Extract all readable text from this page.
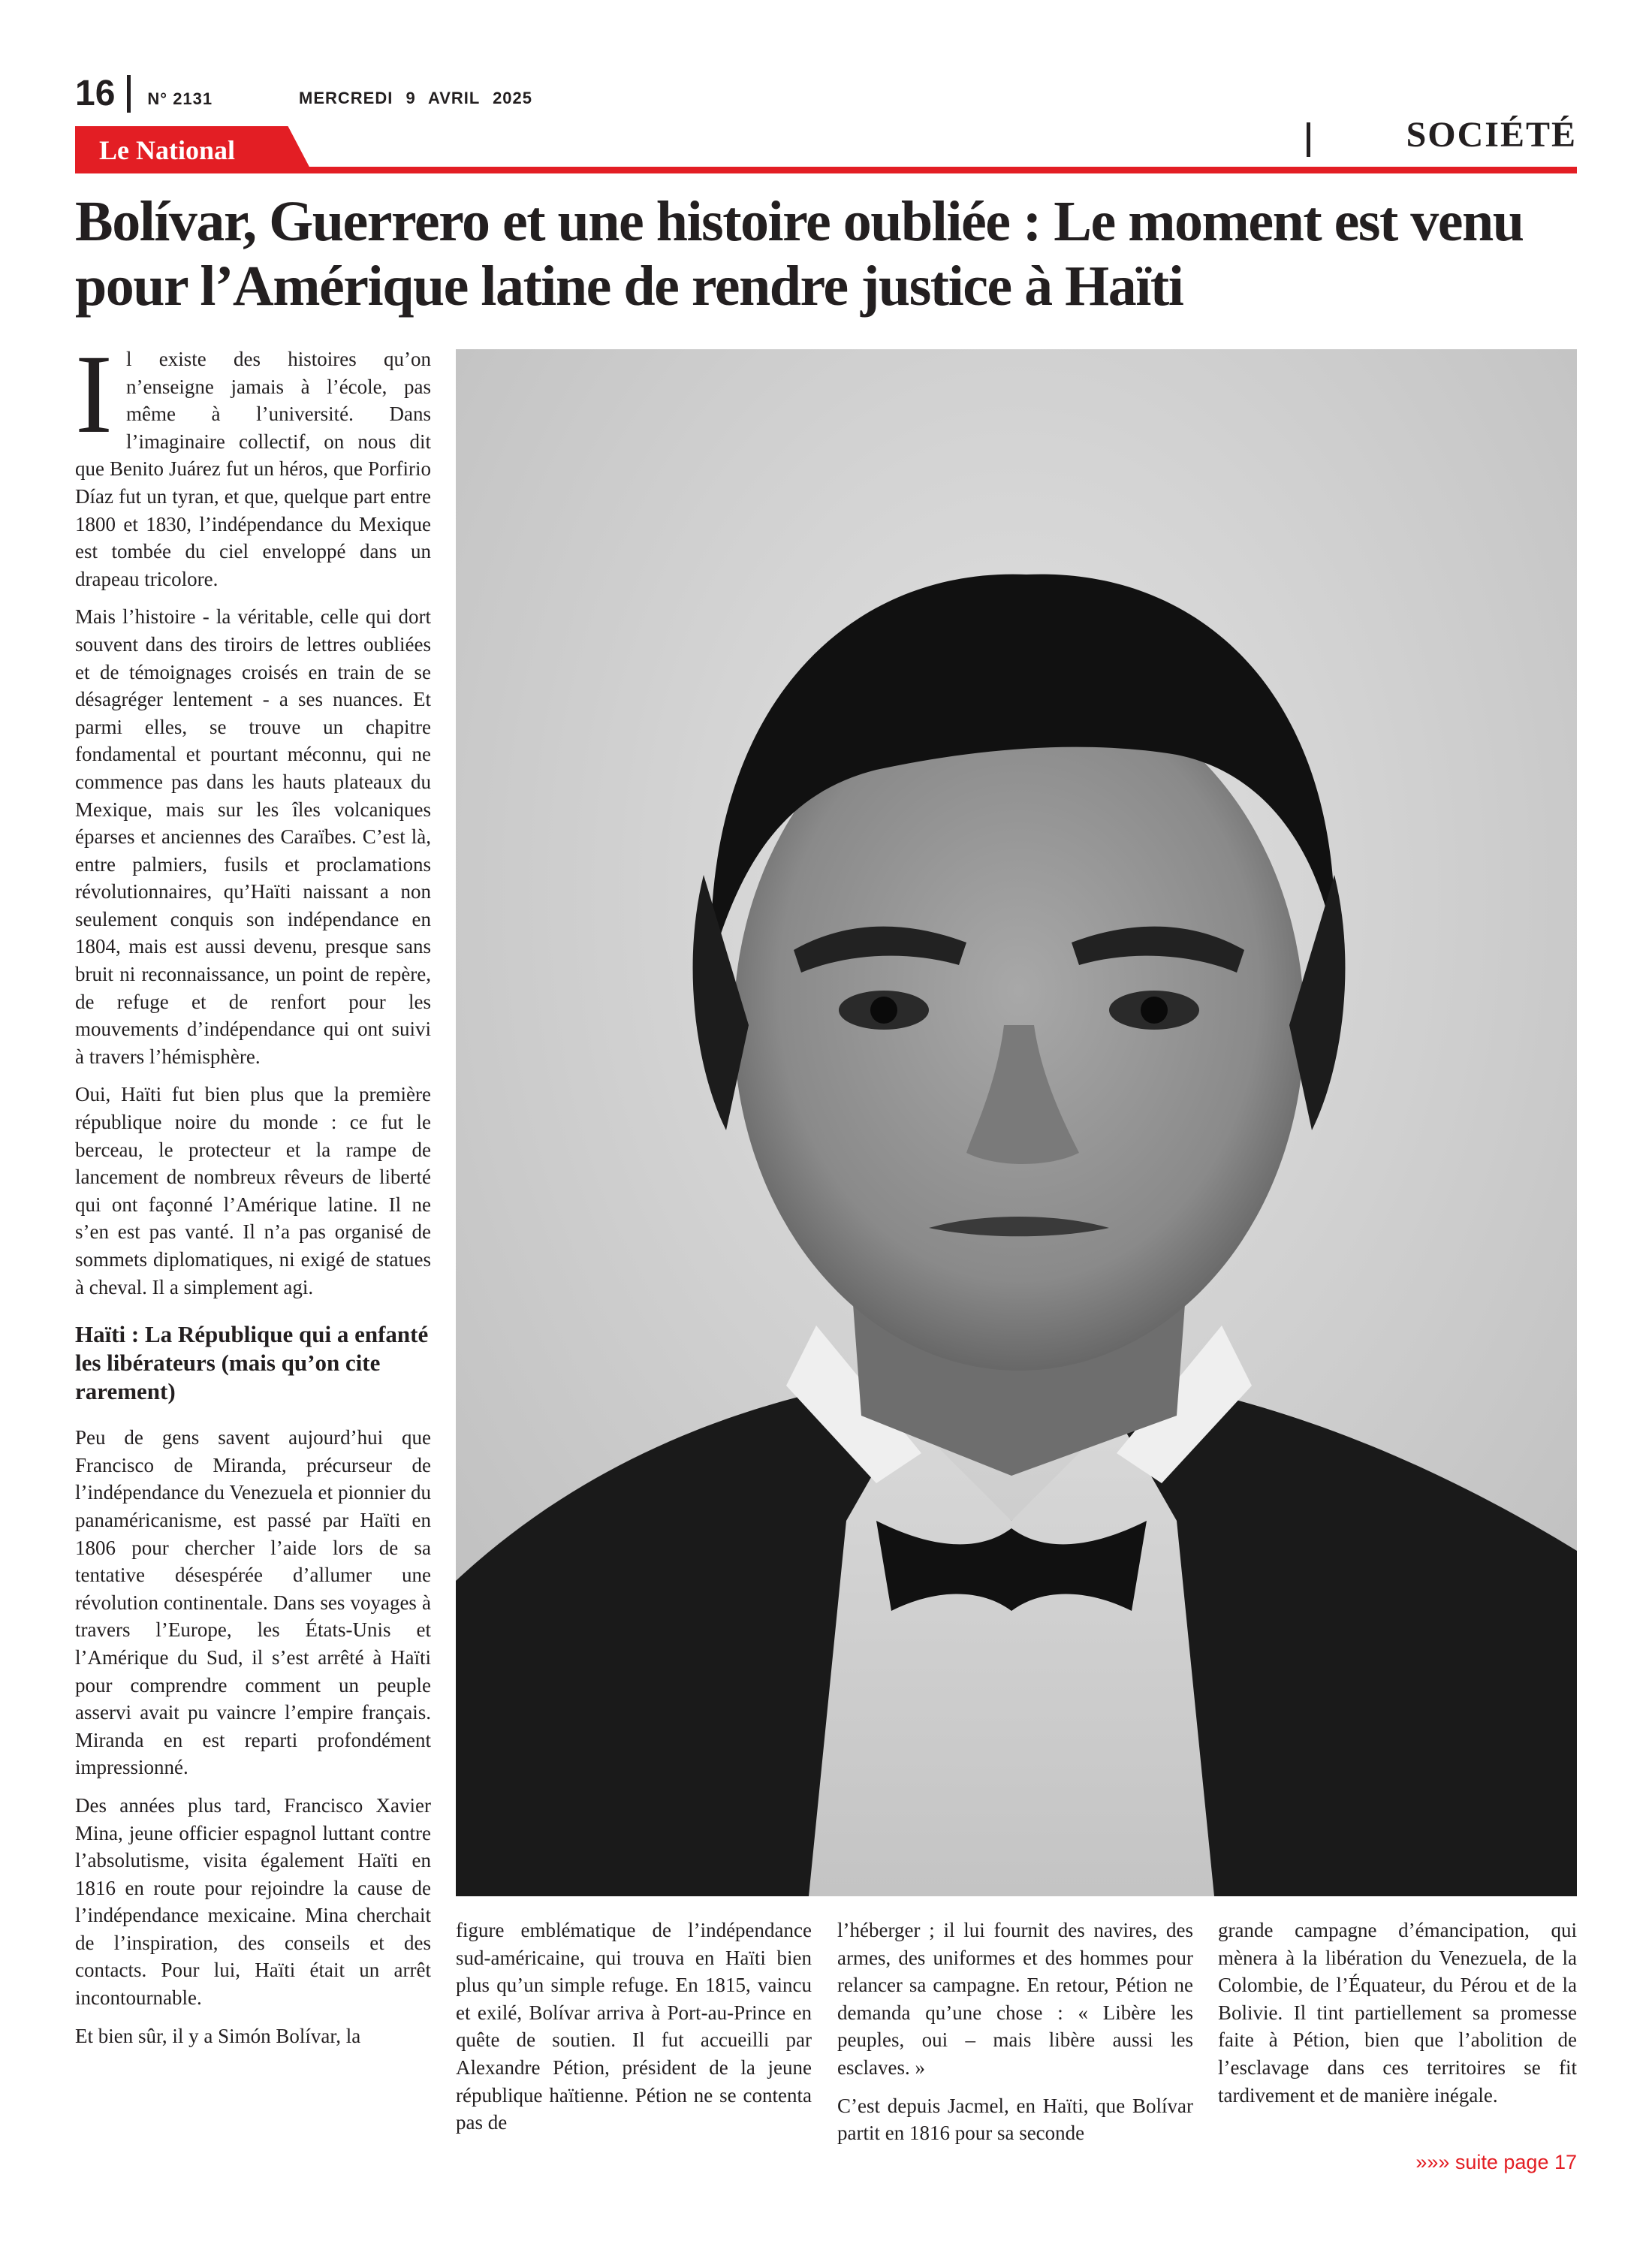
16 N° 2131	MERCREDI 9 AVRIL 2025
Le National	SOCIÉTÉ
Bolívar, Guerrero et une histoire oubliée : Le moment est venu pour l’Amérique latine de rendre justice à Haïti

Il existe des histoires qu’on n’enseigne jamais à l’école, pas même à l’université. Dans l’imaginaire collectif, on nous dit que Benito Juárez fut un héros, que Porfirio Díaz fut un tyran, et que, quelque part entre 1800 et 1830, l’indépendance du Mexique est tombée du ciel enveloppé dans un drapeau tricolore.

Mais l’histoire - la véritable, celle qui dort souvent dans des tiroirs de lettres oubliées et de témoignages croisés en train de se désagréger lentement - a ses nuances. Et parmi elles, se trouve un chapitre fondamental et pourtant méconnu, qui ne commence pas dans les hauts plateaux du Mexique, mais sur les îles volcaniques éparses et anciennes des Caraïbes. C’est là, entre palmiers, fusils et proclamations révolutionnaires, qu’Haïti naissant a non seulement conquis son indépendance en 1804, mais est aussi devenu, presque sans bruit ni reconnaissance, un point de repère, de refuge et de renfort pour les mouvements d’indépendance qui ont suivi à travers l’hémisphère.

Oui, Haïti fut bien plus que la première république noire du monde : ce fut le berceau, le protecteur et la rampe de lancement de nombreux rêveurs de liberté qui ont façonné l’Amérique latine. Il ne s’en est pas vanté. Il n’a pas organisé de sommets diplomatiques, ni exigé de statues à cheval. Il a simplement agi.

Haïti : La République qui a enfanté les libérateurs (mais qu’on cite rarement)

Peu de gens savent aujourd’hui que Francisco de Miranda, précurseur de l’indépendance du Venezuela et pionnier du panaméricanisme, est passé par Haïti en 1806 pour chercher l’aide lors de sa tentative désespérée d’allumer une révolution continentale. Dans ses voyages à travers l’Europe, les États-Unis et l’Amérique du Sud, il s’est arrêté à Haïti pour comprendre comment un peuple asservi avait pu vaincre l’empire français. Miranda en est reparti profondément impressionné.

Des années plus tard, Francisco Xavier Mina, jeune officier espagnol luttant contre l’absolutisme, visita également Haïti en 1816 en route pour rejoindre la cause de l’indépendance mexicaine. Mina cherchait de l’inspiration, des conseils et des contacts. Pour lui, Haïti était un arrêt incontournable.

Et bien sûr, il y a Simón Bolívar, la

figure emblématique de l’indépendance sud-américaine, qui trouva en Haïti bien plus qu’un simple refuge. En 1815, vaincu et exilé, Bolívar arriva à Port-au-Prince en quête de soutien. Il fut accueilli par Alexandre Pétion, président de la jeune république haïtienne. Pétion ne se contenta pas de

l’héberger ; il lui fournit des navires, des armes, des uniformes et des hommes pour relancer sa campagne. En retour, Pétion ne demanda qu’une chose : « Libère les peuples, oui – mais libère aussi les esclaves. »

C’est depuis Jacmel, en Haïti, que Bolívar partit en 1816 pour sa seconde

grande campagne d’émancipation, qui mènera à la libération du Venezuela, de la Colombie, de l’Équateur, du Pérou et de la Bolivie. Il tint partiellement sa promesse faite à Pétion, bien que l’abolition de l’esclavage dans ces territoires se fit tardivement et de manière inégale.

»»» suite page 17
